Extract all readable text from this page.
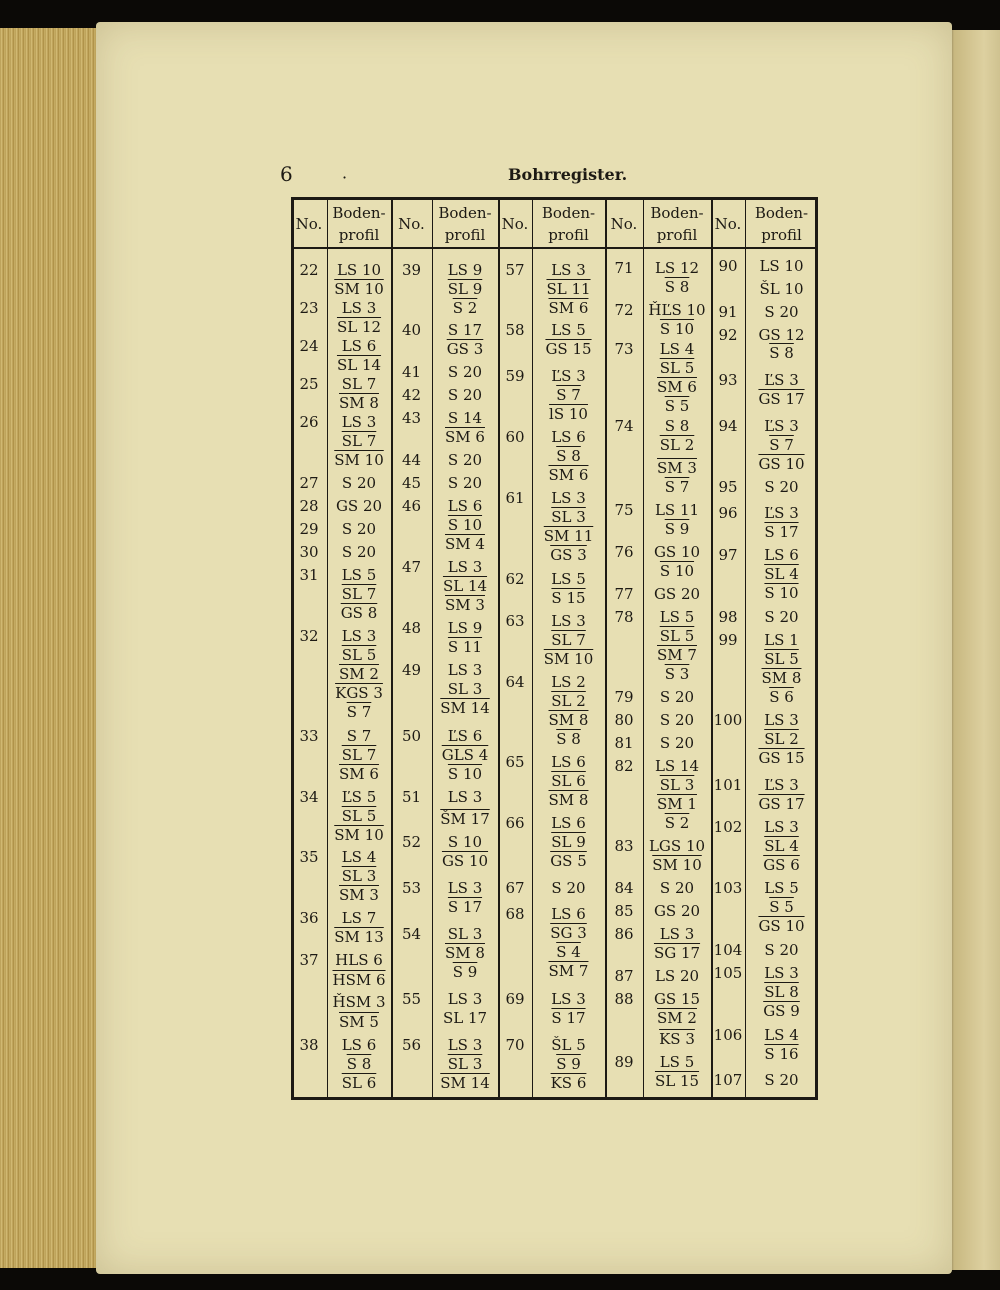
6	·	Bohrregister.
No.
Boden-
profil
22
23
24
25
26
27
28
29
30
31
32
33
34
35
36
37
38
LS 10
SM 10
LS 3
SL 12
LS 6
SL 14
SL 7
SM 8
LS 3
SL 7
SM 10
S 20
GS 20
S 20
S 20
LS 5
SL 7
GS 8
LS 3
SL 5
SM 2
KGS 3
S 7
S 7
SL 7
SM 6
ĽS 5
SL 5
SM 10
LS 4
SL 3
SM 3
LS 7
SM 13
HLS 6
HSM 6
ȞSM 3
SM 5
LS 6
S 8
SL 6
No.
Boden-
profil
39
40
41
42
43
44
45
46
47
48
49
50
51
52
53
54
55
56
LS 9
SL 9
S 2
S 17
GS 3
S 20
S 20
S 14
SM 6
S 20
S 20
LS 6
S 10
SM 4
LS 3
SL 14
SM 3
LS 9
S 11
LS 3
SL 3
SM 14
ĽS 6
GLS 4
S 10
LS 3
ŠM 17
S 10
GS 10
LS 3
S 17
SL 3
SM 8
S 9
LS 3
SL 17
LS 3
SL 3
SM 14
No.
Boden-
profil
57
58
59
60
61
62
63
64
65
66
67
68
69
70
LS 3
SL 11
SM 6
LS 5
GS 15
ĽS 3
S 7
lS 10
LS 6
S 8
SM 6
LS 3
SL 3
SM 11
GS 3
LS 5
S 15
LS 3
SL 7
SM 10
LS 2
SL 2
SM 8
S 8
LS 6
SL 6
SM 8
LS 6
SL 9
GS 5
S 20
LS 6
SG 3
S 4
SM 7
LS 3
S 17
ŠL 5
S 9
KS 6
No.
Boden-
profil
71
72
73
74
75
76
77
78
79
80
81
82
83
84
85
86
87
88
89
LS 12
S 8
ȞĽS 10
S 10
LS 4
SL 5
SM 6
S 5
S 8
SL 2
SM 3
S 7
LS 11
S 9
GS 10
S 10
GS 20
LS 5
SL 5
SM 7
S 3
S 20
S 20
S 20
LS 14
SL 3
SM 1
S 2
LGS 10
SM 10
S 20
GS 20
LS 3
SG 17
LS 20
GS 15
SM 2
KS 3
LS 5
SL 15
No.
Boden-
profil
90
91
92
93
94
95
96
97
98
99
100
101
102
103
104
105
106
107
LS 10
ŠL 10
S 20
GS 12
S 8
ĽS 3
GS 17
ĽS 3
S 7
GS 10
S 20
ĽS 3
S 17
LS 6
SL 4
S 10
S 20
LS 1
SL 5
SM 8
S 6
LS 3
SL 2
GS 15
ĽS 3
GS 17
LS 3
SL 4
GS 6
LS 5
S 5
GS 10
S 20
LS 3
SL 8
GS 9
LS 4
S 16
S 20
